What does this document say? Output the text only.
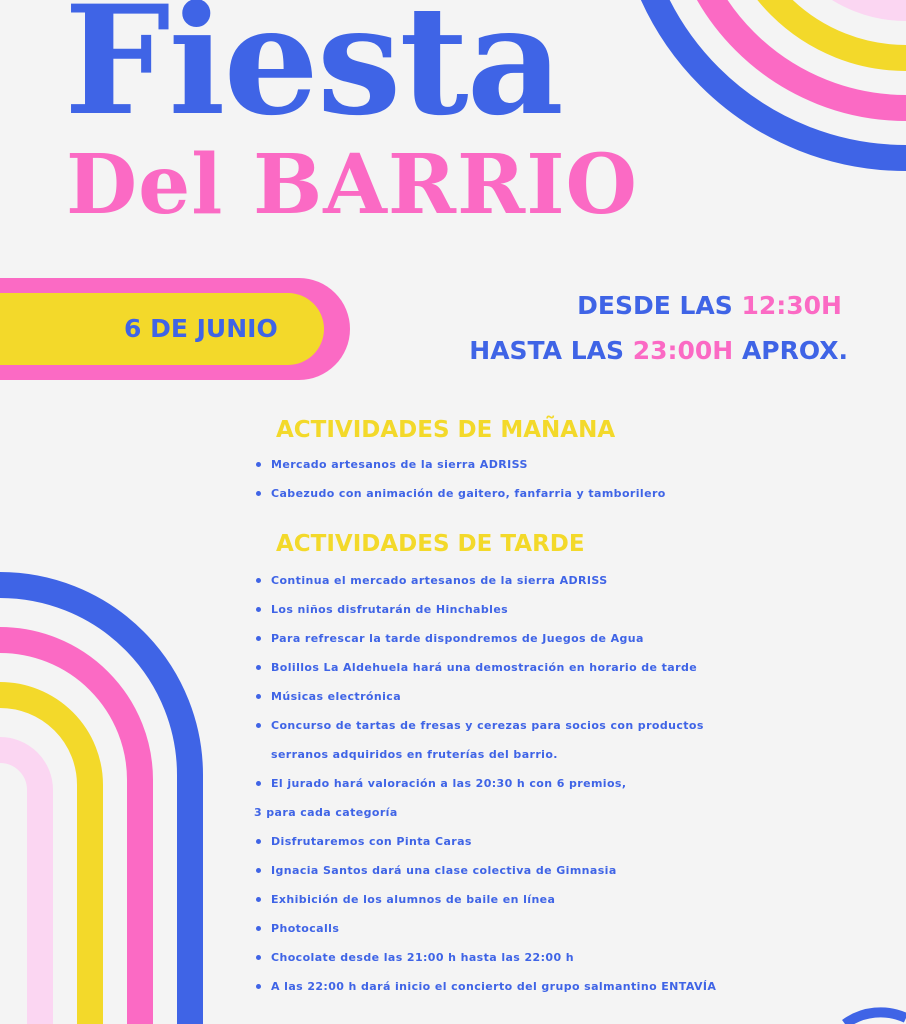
Fiesta
Del BARRIO
6 DE JUNIO
DESDE LAS 12:30H
HASTA LAS 23:00H APROX.
ACTIVIDADES DE MAÑANA
Mercado artesanos de la sierra ADRISS
Cabezudo con animación de gaitero, fanfarria y tamborilero
ACTIVIDADES DE TARDE
Continua el mercado artesanos de la sierra ADRISS
Los niños disfrutarán de Hinchables
Para refrescar la tarde dispondremos de Juegos de Agua
Bolillos La Aldehuela hará una demostración en horario de tarde
Músicas electrónica
Concurso de tartas de fresas y cerezas para socios con productos
serranos adquiridos en fruterías del barrio.
El jurado hará valoración a las 20:30 h con 6 premios,
3 para cada categoría
Disfrutaremos con Pinta Caras
Ignacia Santos dará una clase colectiva de Gimnasia
Exhibición de los alumnos de baile en línea
Photocalls
Chocolate desde las 21:00 h hasta las 22:00 h
A las 22:00 h dará inicio el concierto del grupo salmantino ENTAVÍA
